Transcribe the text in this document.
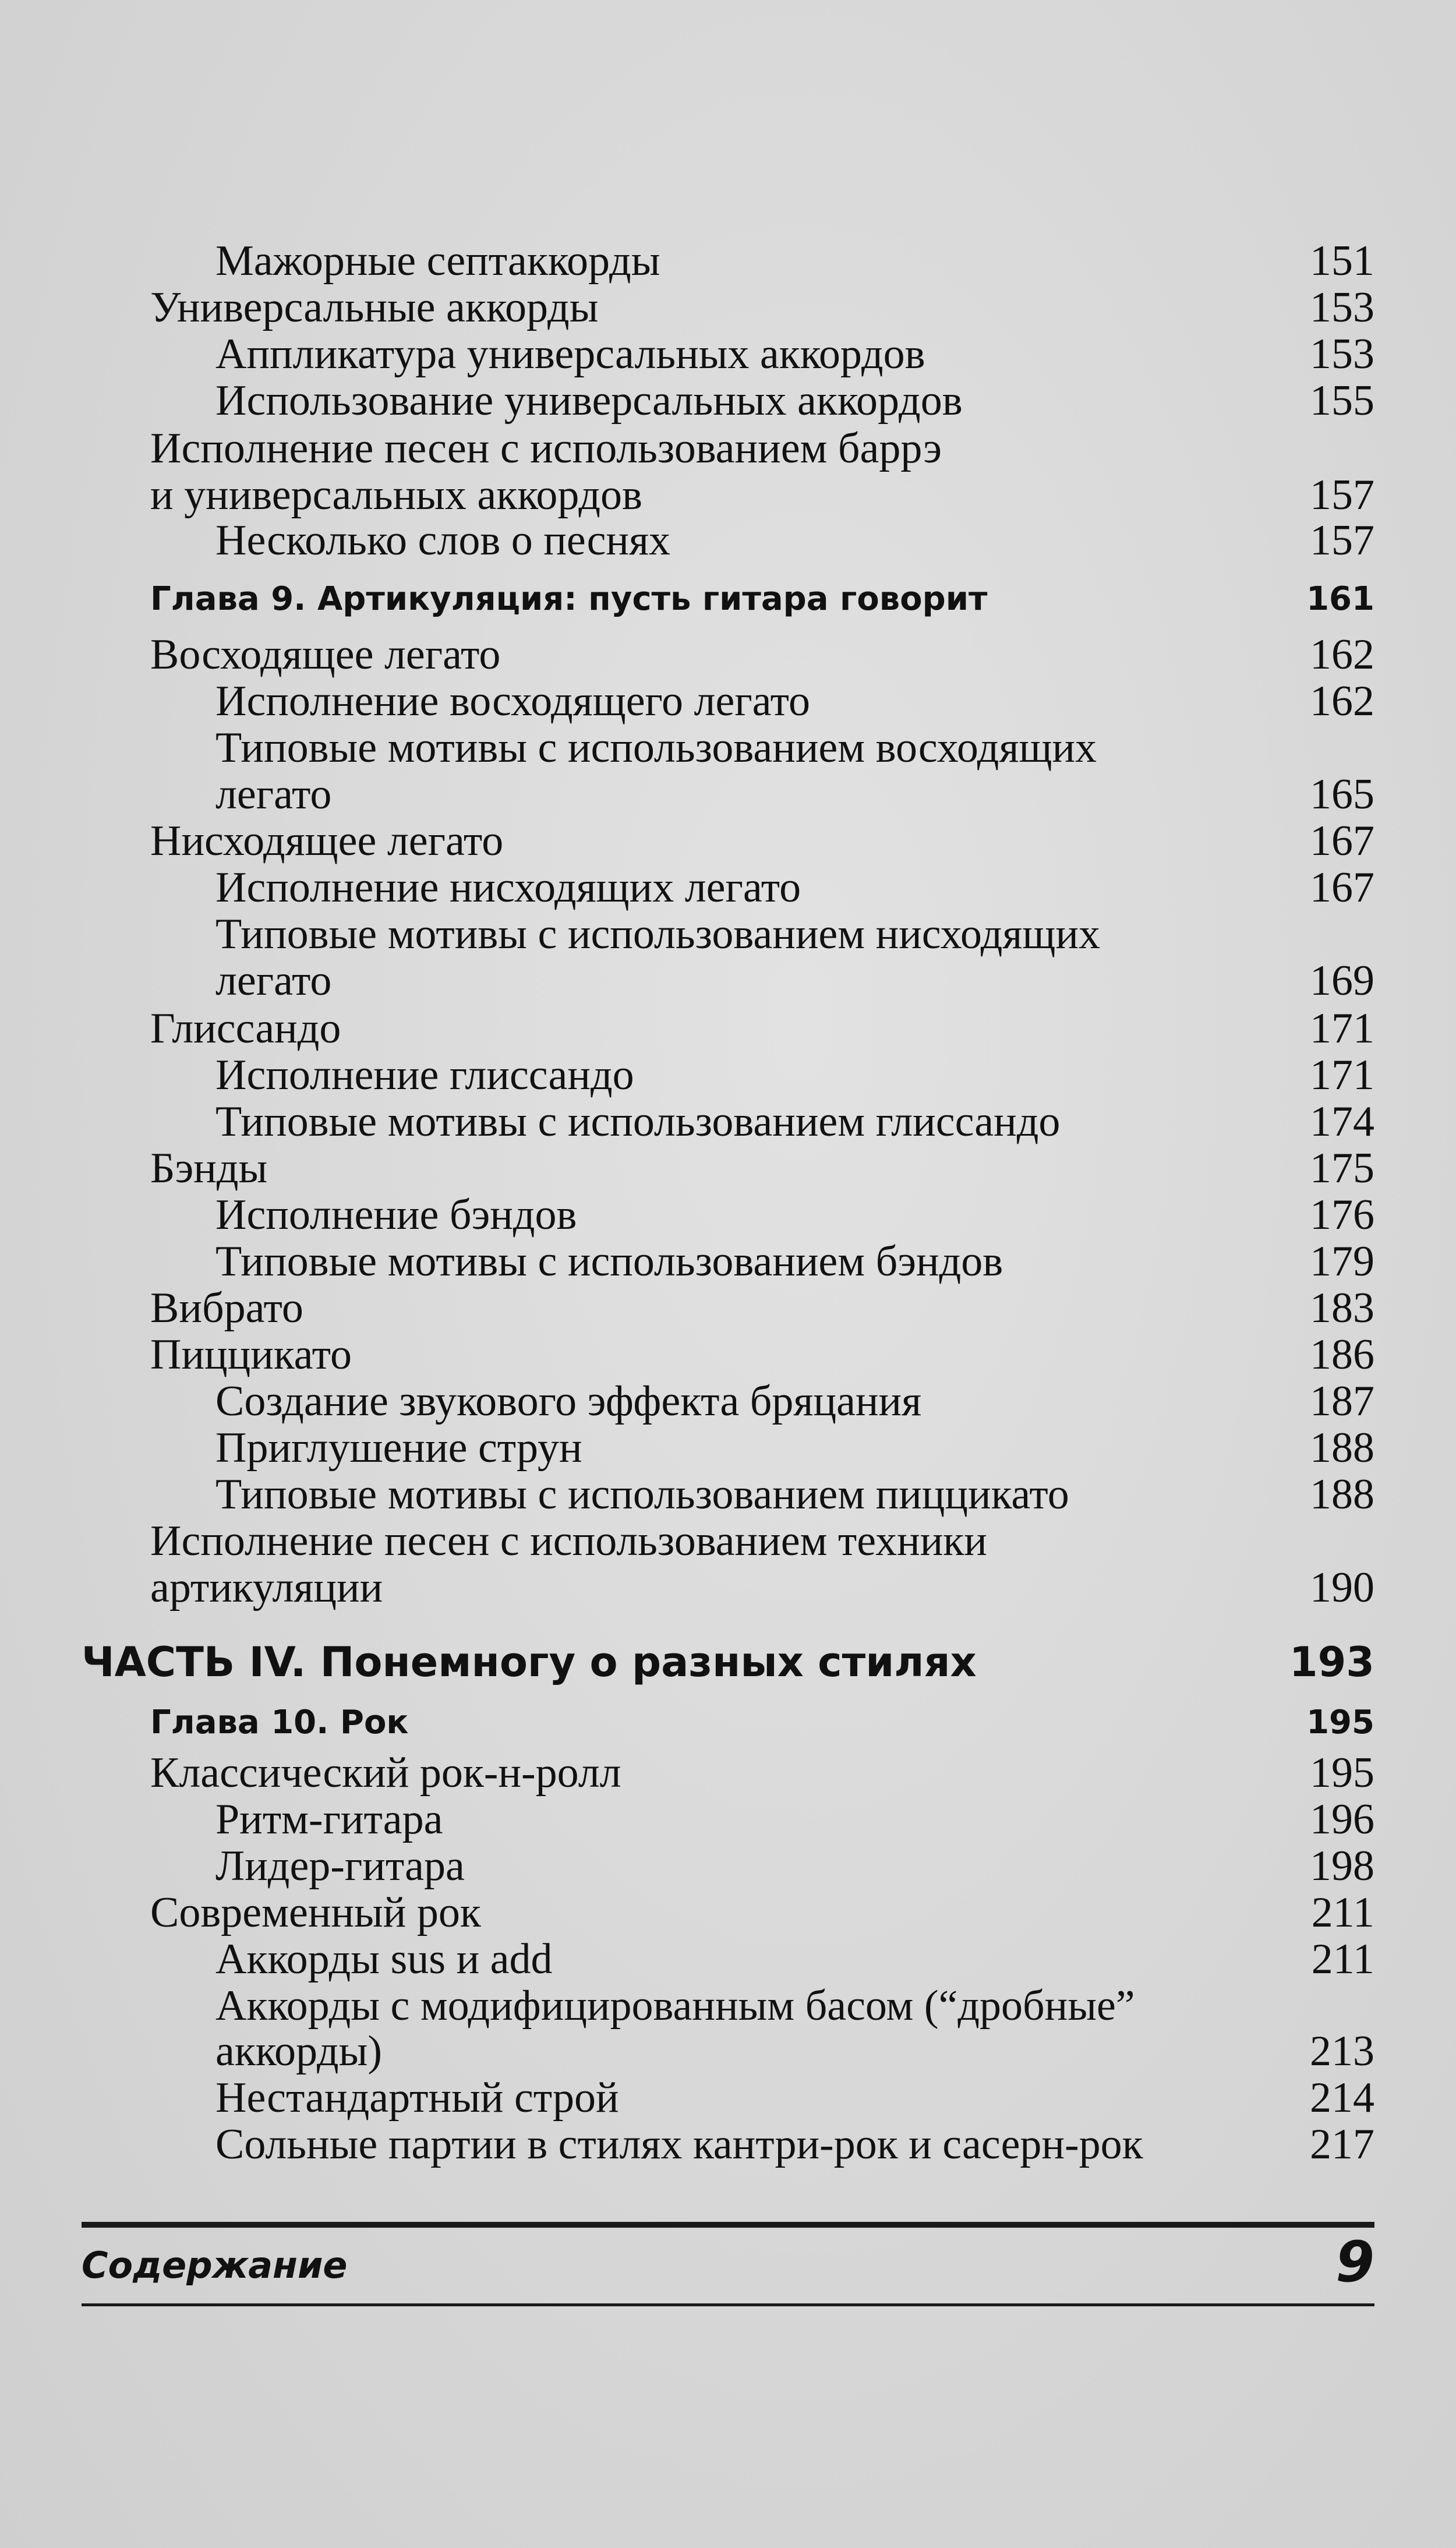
Мажорные септаккорды	151
Универсальные аккорды	153
Аппликатура универсальных аккордов	153
Использование универсальных аккордов	155
Исполнение песен с использованием баррэ
и универсальных аккордов	157
Несколько слов о песнях	157
Глава 9. Артикуляция: пусть гитара говорит	161
Восходящее легато	162
Исполнение восходящего легато	162
Типовые мотивы с использованием восходящих
легато	165
Нисходящее легато	167
Исполнение нисходящих легато	167
Типовые мотивы с использованием нисходящих
легато	169
Глиссандо	171
Исполнение глиссандо	171
Типовые мотивы с использованием глиссандо	174
Бэнды	175
Исполнение бэндов	176
Типовые мотивы с использованием бэндов	179
Вибрато	183
Пиццикато	186
Создание звукового эффекта бряцания	187
Приглушение струн	188
Типовые мотивы с использованием пиццикато	188
Исполнение песен с использованием техники
артикуляции	190
ЧАСТЬ IV. Понемногу о разных стилях	193
Глава 10. Рок	195
Классический рок-н-ролл	195
Ритм-гитара	196
Лидер-гитара	198
Современный рок	211
Аккорды sus и add	211
Аккорды с модифицированным басом (“дробные”
аккорды)	213
Нестандартный строй	214
Сольные партии в стилях кантри-рок и сасерн-рок	217
Содержание	9
